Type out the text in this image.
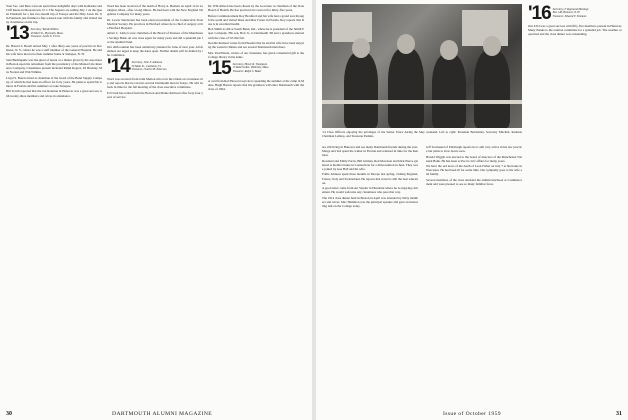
Your Sec. and Bess Carroon spent three delightful days with Katharine and Cliff Reese in Moorestown, N. J. The Segeers are sailing July 1 on the Queen Elizabeth for a fast two-month trip of Europe and the Holy Land. Dr. Jim Paulnack just finished a fine western tour with his family and visited many classmates on his trip.

'13 Secretary, Warde Wilkins
40 Marl St., Plymouth, Mass.
Treasurer, Leslie E. Ferris

Dr. Harold S. Booth retired May 1 after thirty-one years of practice in Rochester, N. Y., where he was a staff member of the General Hospital. He and his wife have moved to their summer home at Sunapee, N. H.

Stan Burlingame was the guest of honor at a dinner given by his associates in Boston upon his retirement from the presidency of the Mutual Life Insurance Company. Classmates present included Ralph Rogers, Ed Buckley, Max Norton and Win Wilkins.

Lloyd S. Bond retired as chairman of the board of the Bond Supply Company, of which he had been an officer for forty years. He plans to spend his winters in Florida and his summers at Lake Sunapee.

Bill Terrill reported that the Jax Reunion in Hanover was a great success with twenty-three members and wives in attendance.

Word has been received of the death of Harry A. Bennett on April 12 in Lexington, Mass., after a long illness. He had been with the New England Telephone Company for many years.

Dr. Lewis Sturdevant has been elected president of the Connecticut State Medical Society. He practices in Hartford where he is chief of surgery at the Hartford Hospital.

Albert C. Little is now chairman of the Board of Trustees of the Manchester Savings Bank. Al was class agent for many years and did a splendid job for the Alumni Fund.

Our 46th reunion has been tentatively planned for June of next year. All members are urged to keep the dates open. Further details will be mailed by the committee.

'14 Secretary, John F. Atkinson
59 Main St., Castleton, Vt.
Treasurer, Charles H. Peterson

Word was received from John Marion who is in the Orient on a business trip and reports that he ran into several Dartmouth men in Tokyo. He will be back in time for the fall meeting of the class executive committee.

Ed Clark has retired from the Boston and Maine Railroad after forty-four years of service.

Dr. Will Allison has been chosen by the Governor as chairman of the State Board of Health. He has practiced in Concord for thirty-five years.

Before Commencement Roy Bradford and his wife had a grand tour through the south and visited Russ and Mae Foster in Florida. Roy reports that Russ is in excellent health.

Bob Smith is still at South Bend, Ind., where he is president of the Smith Paper Company. His son, Bob Jr., is Dartmouth '48 and a grandson entered with the class of '63 this fall.

Don Richardson writes from Phoenix that he and his wife have been enjoying the western climate and see several Dartmouth men there.

Mrs. Paul Harris, widow of our classmate, has given a memorial gift to the College library in his name.

'15 Secretary, Hovey R. Thompson
15 Roberts Rd., Wellesley, Mass.
Treasurer, Ralph S. Baker

A card from Red Howard says he is spending the summer at his camp in Maine. Hugh Barton reports that his grandson will enter Dartmouth with the class of 1964.

DARTMOUTH ALUMNI MAGAZINE
30
'14 Class Officers enjoying the privileges of the Senior Fence during the May weekend. Left to right: President Batchelder, Secretary Mitchell, Reunion Chairman Lathrop, and Treasurer Perkins.

are still living in Hanover and see many Dartmouth friends during the year. Marge and Ted spent the winter in Florida and returned in time for the Reunion.

Rowland and Emily Ferris, Bill Gilman, Red Morrison and Dick Pierce gathered at Rollie's home in Connecticut for a mini-reunion in June. They were joined by Gus Hall and his wife.

Eddie Johnson spent three months in Europe last spring, visiting England, France, Italy and Switzerland. He reports that travel is still the best education.

A good letter came from Art Snyder in Honolulu where he is enjoying retirement. He would welcome any classmates who pass that way.

The 1914 class dinner held in Boston in April was attended by thirty members and wives. Mac Hamilton was the principal speaker and gave an interesting talk on the College today.

Jeff Townsend of Pittsburgh reports he is still very active in his law practice but plans to slow down soon.

Harold Wiggin was elected to the board of directors of the Manchester National Bank. He has been active in civic affairs for many years.

We have the sad news of the death of Leon Fisher on July 7 at his home in Worcester. He had been ill for some time. Our sympathy goes to his wife and family.

Several members of the class attended the alumni luncheon at Commencement and were pleased to see so many familiar faces.

'16 Secretary, F. Raymond Hastings
Box 148, Hanover, N. H.
Treasurer, Edward F. Emmons

Our 43rd was a great success with fifty-five members present in Hanover. Many thanks to the reunion committee for a splendid job. The weather cooperated and the class dinner was outstanding.

Issue of October 1959	31
